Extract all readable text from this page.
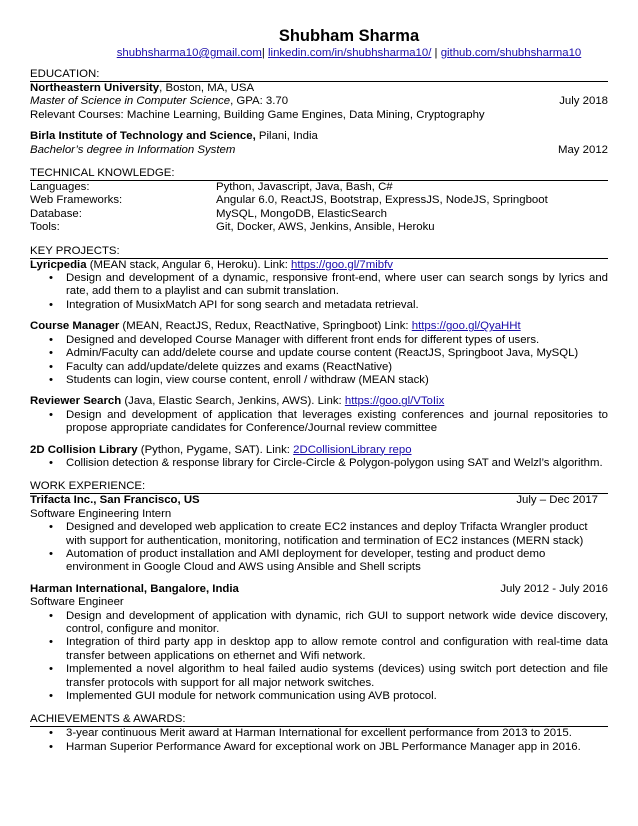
Shubham Sharma
shubhsharma10@gmail.com| linkedin.com/in/shubhsharma10/ | github.com/shubhsharma10
EDUCATION:
Northeastern University, Boston, MA, USA
Master of Science in Computer Science, GPA: 3.70	July 2018
Relevant Courses: Machine Learning, Building Game Engines, Data Mining, Cryptography
Birla Institute of Technology and Science, Pilani, India
Bachelor’s degree in Information System	May 2012
TECHNICAL KNOWLEDGE:
Languages:	Python, Javascript, Java, Bash, C#
Web Frameworks:	Angular 6.0, ReactJS, Bootstrap, ExpressJS, NodeJS, Springboot
Database:	MySQL, MongoDB, ElasticSearch
Tools:	Git, Docker, AWS, Jenkins, Ansible, Heroku
KEY PROJECTS:
Lyricpedia (MEAN stack, Angular 6, Heroku). Link: https://goo.gl/7mibfv
• Design and development of a dynamic, responsive front-end, where user can search songs by lyrics and rate, add them to a playlist and can submit translation.
• Integration of MusixMatch API for song search and metadata retrieval.
Course Manager (MEAN, ReactJS, Redux, ReactNative, Springboot) Link: https://goo.gl/QyaHHt
• Designed and developed Course Manager with different front ends for different types of users.
• Admin/Faculty can add/delete course and update course content (ReactJS, Springboot Java, MySQL)
• Faculty can add/update/delete quizzes and exams (ReactNative)
• Students can login, view course content, enroll / withdraw (MEAN stack)
Reviewer Search (Java, Elastic Search, Jenkins, AWS). Link: https://goo.gl/VToIix
• Design and development of application that leverages existing conferences and journal repositories to propose appropriate candidates for Conference/Journal review committee
2D Collision Library (Python, Pygame, SAT). Link: 2DCollisionLibrary repo
• Collision detection & response library for Circle-Circle & Polygon-polygon using SAT and Welzl’s algorithm.
WORK EXPERIENCE:
Trifacta Inc., San Francisco, US	July – Dec 2017
Software Engineering Intern
• Designed and developed web application to create EC2 instances and deploy Trifacta Wrangler product with support for authentication, monitoring, notification and termination of EC2 instances (MERN stack)
• Automation of product installation and AMI deployment for developer, testing and product demo environment in Google Cloud and AWS using Ansible and Shell scripts
Harman International, Bangalore, India	July 2012 - July 2016
Software Engineer
• Design and development of application with dynamic, rich GUI to support network wide device discovery, control, configure and monitor.
• Integration of third party app in desktop app to allow remote control and configuration with real-time data transfer between applications on ethernet and Wifi network.
• Implemented a novel algorithm to heal failed audio systems (devices) using switch port detection and file transfer protocols with support for all major network switches.
• Implemented GUI module for network communication using AVB protocol.
ACHIEVEMENTS & AWARDS:
• 3-year continuous Merit award at Harman International for excellent performance from 2013 to 2015.
• Harman Superior Performance Award for exceptional work on JBL Performance Manager app in 2016.
